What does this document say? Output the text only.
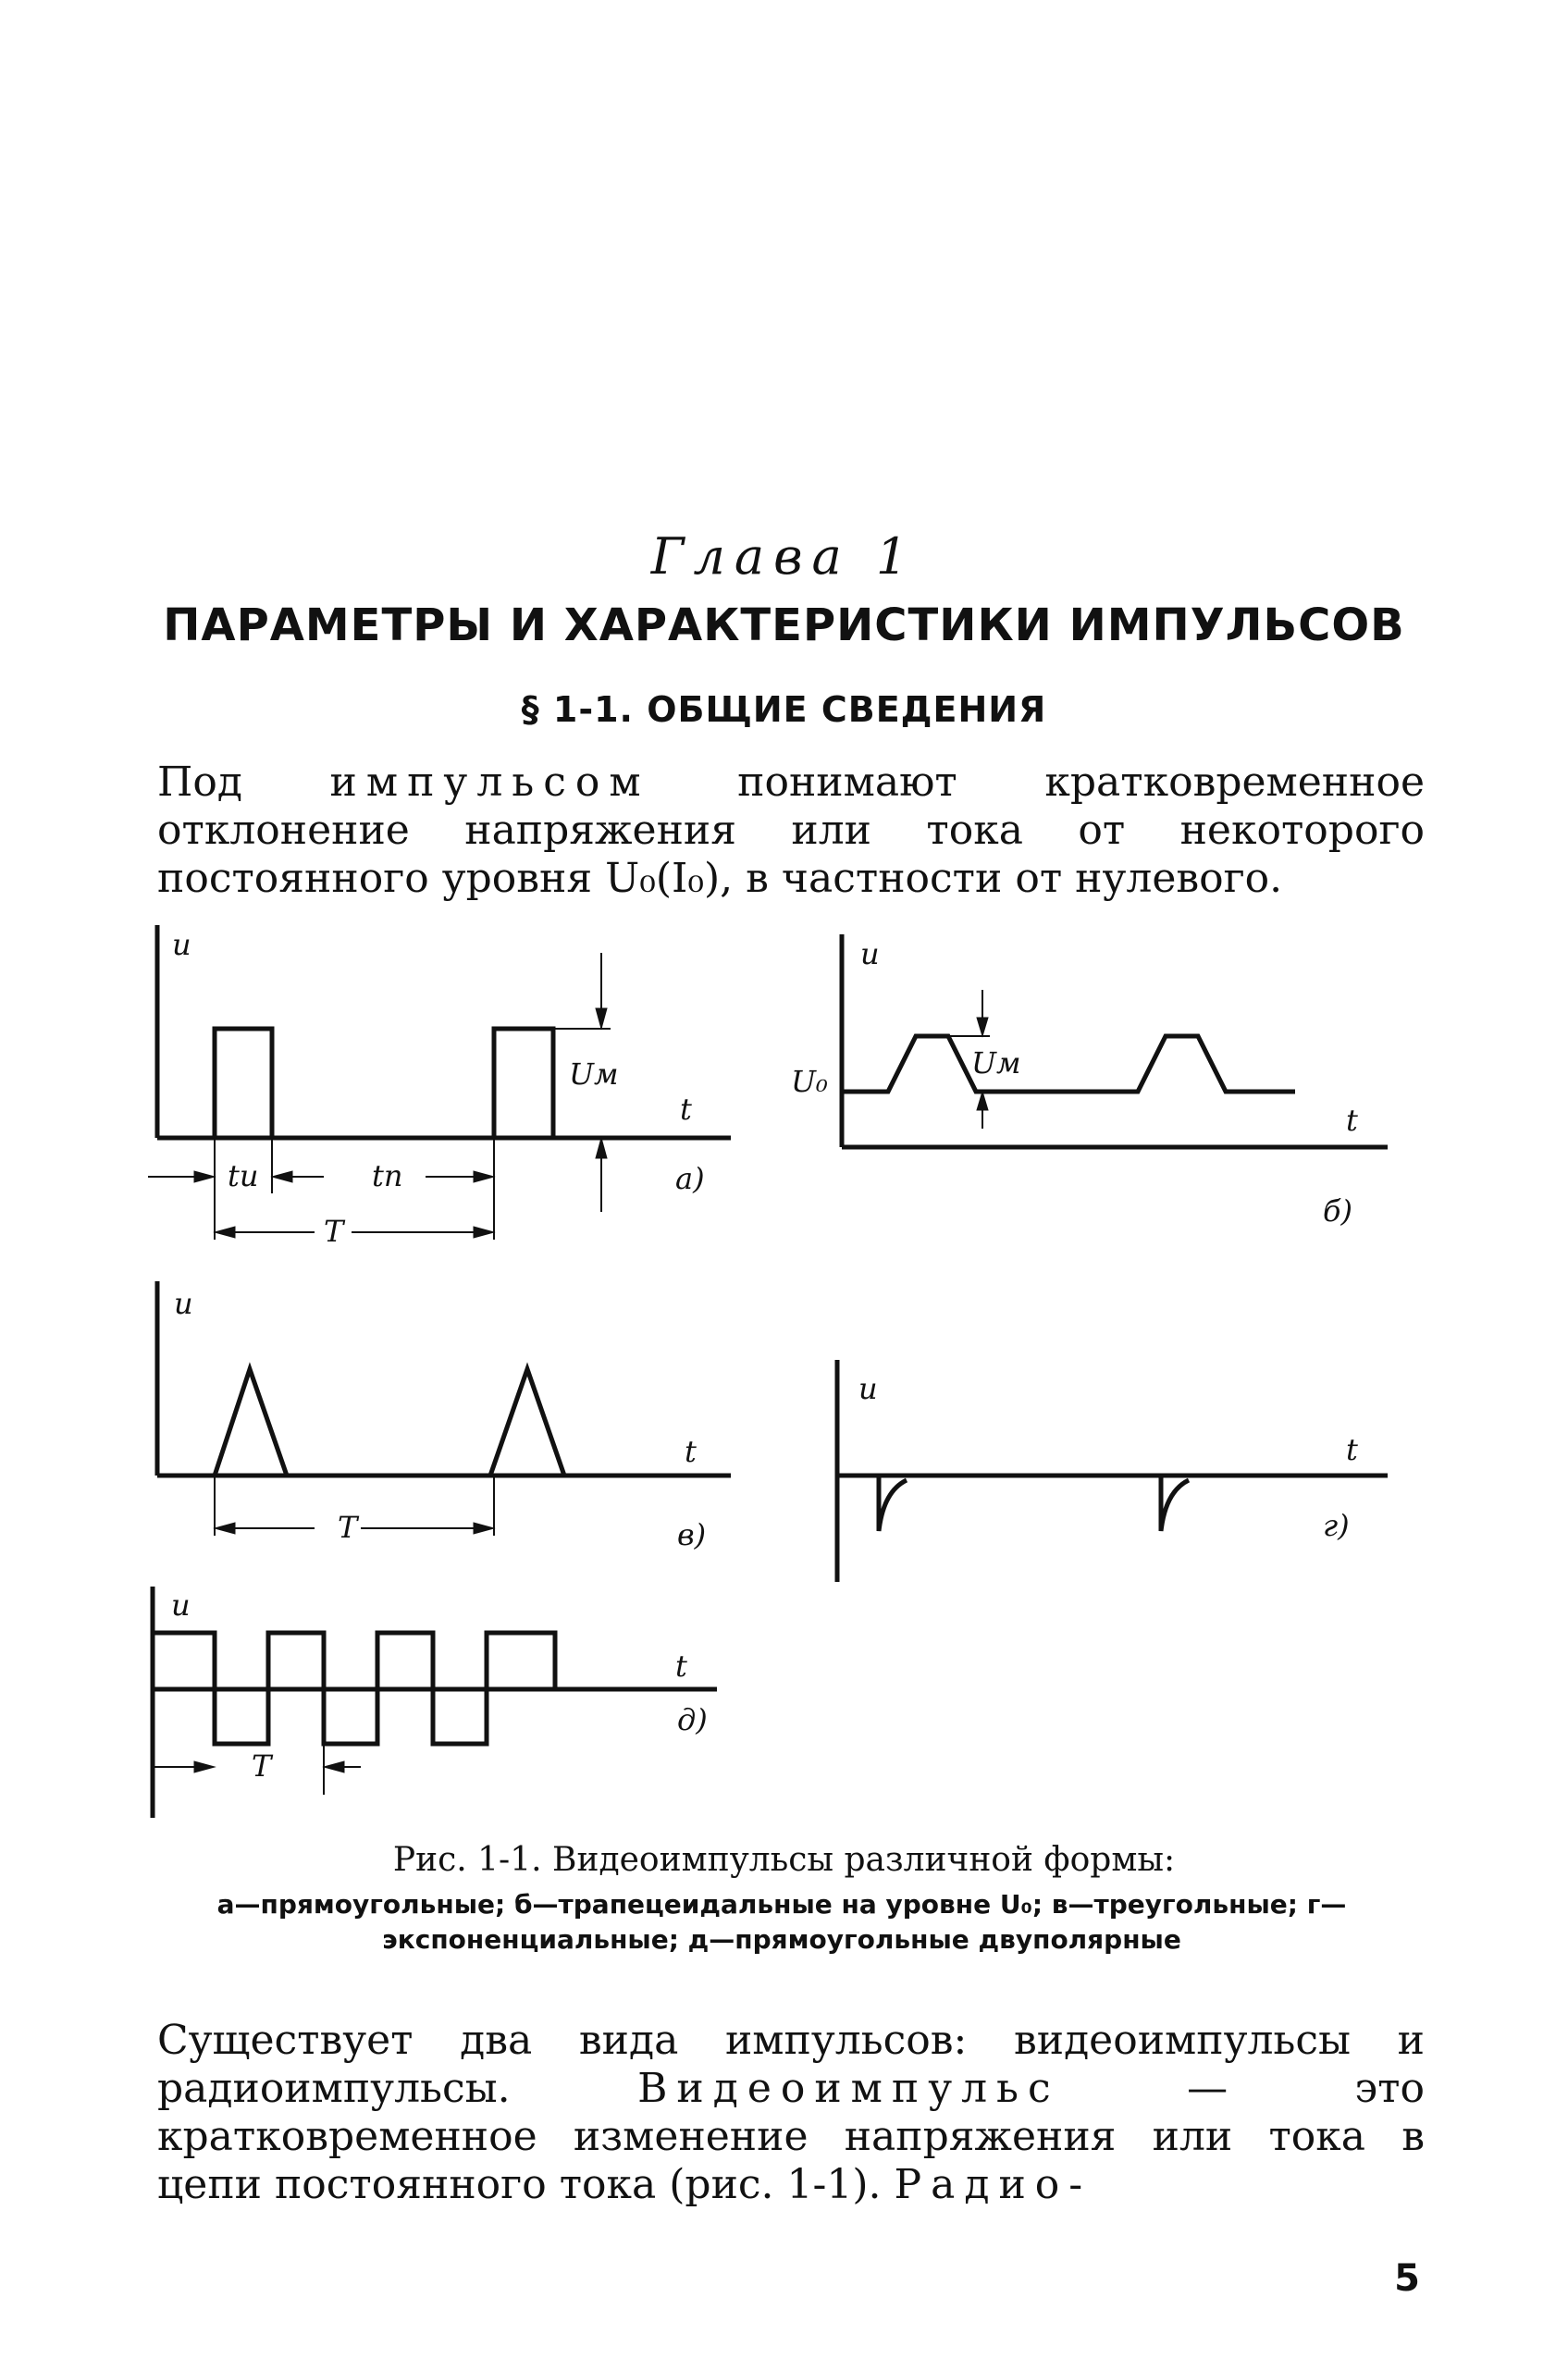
Глава 1
ПАРАМЕТРЫ И ХАРАКТЕРИСТИКИ ИМПУЛЬСОВ
§ 1-1. ОБЩИЕ СВЕДЕНИЯ
Под импульсом понимают кратковременное отклонение напряжения или тока от некоторого постоянного уровня U₀(I₀), в частности от нулевого.
u
t
Uм
tи	tп
T
а)
u
U₀
Uм
t
б)
u
t
T	в)
u
t
г)
u
t
T
д)
Рис. 1-1. Видеоимпульсы различной формы:
а—прямоугольные; б—трапецеидальные на уровне U₀; в—треугольные; г—экспоненциальные; д—прямоугольные двуполярные
Существует два вида импульсов: видеоимпульсы и радиоимпульсы. Видеоимпульс — это кратковременное изменение напряжения или тока в цепи постоянного тока (рис. 1-1). Радио-
5
